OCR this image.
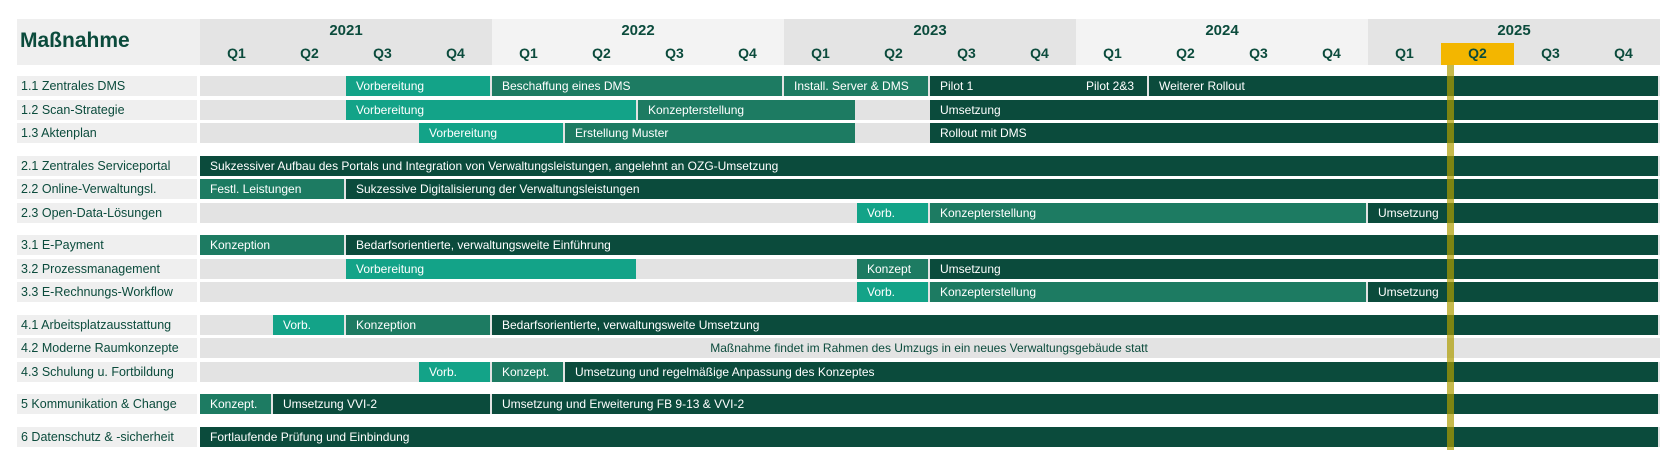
Maßnahme	2021
Q1	Q2	Q3	Q4
2022
Q1	Q2	Q3	Q4
2023
Q1	Q2	Q3	Q4
2024
Q1	Q2	Q3	Q4
2025
Q1	Q2	Q3	Q4
1.1 Zentrales DMS	Vorbereitung	Beschaffung eines DMS	Install. Server & DMS	Pilot 1	Pilot 2&3	Weiterer Rollout
1.2 Scan-Strategie	Vorbereitung	Konzepterstellung	Umsetzung
1.3 Aktenplan	Vorbereitung	Erstellung Muster	Rollout mit DMS
2.1 Zentrales Serviceportal	Sukzessiver Aufbau des Portals und Integration von Verwaltungsleistungen, angelehnt an OZG-Umsetzung
2.2 Online-Verwaltungsl.	Festl. Leistungen	Sukzessive Digitalisierung der Verwaltungsleistungen
2.3 Open-Data-Lösungen	Vorb.	Konzepterstellung	Umsetzung
3.1 E-Payment	Konzeption	Bedarfsorientierte, verwaltungsweite Einführung
3.2 Prozessmanagement	Vorbereitung	Konzept	Umsetzung
3.3 E-Rechnungs-Workflow	Vorb.	Konzepterstellung	Umsetzung
4.1 Arbeitsplatzausstattung	Vorb.	Konzeption	Bedarfsorientierte, verwaltungsweite Umsetzung
4.2 Moderne Raumkonzepte	Maßnahme findet im Rahmen des Umzugs in ein neues Verwaltungsgebäude statt
4.3 Schulung u. Fortbildung	Vorb.	Konzept.	Umsetzung und regelmäßige Anpassung des Konzeptes
5 Kommunikation & Change	Konzept.	Umsetzung VVI-2	Umsetzung und Erweiterung FB 9-13 & VVI-2
6 Datenschutz & -sicherheit	Fortlaufende Prüfung und Einbindung
